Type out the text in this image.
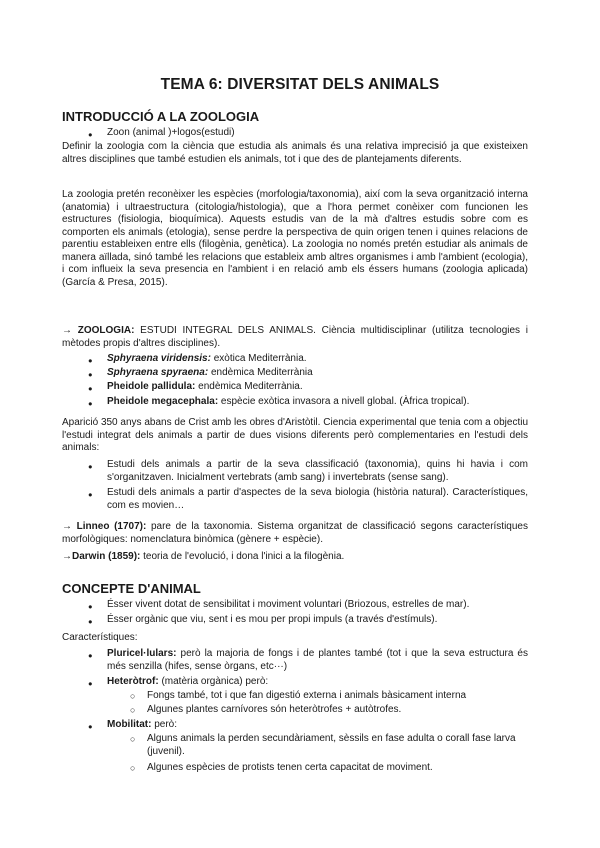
TEMA 6: DIVERSITAT DELS ANIMALS
INTRODUCCIÓ A LA ZOOLOGIA
● Zoon (animal )+logos(estudi)
Definir la zoologia com la ciència que estudia als animals és una relativa imprecisió ja que existeixen altres disciplines que també estudien els animals, tot i que des de plantejaments diferents.
La zoologia pretén reconèixer les espècies (morfologia/taxonomia), així com la seva organització interna (anatomia) i ultraestructura (citologia/histologia), que a l'hora permet conèixer com funcionen les estructures (fisiologia, bioquímica). Aquests estudis van de la mà d'altres estudis sobre com es comporten els animals (etologia), sense perdre la perspectiva de quin origen tenen i quines relacions de parentiu estableixen entre ells (filogènia, genètica). La zoologia no només pretén estudiar als animals de manera aïllada, sinó també les relacions que estableix amb altres organismes i amb l'ambient (ecologia), i com influeix la seva presencia en l'ambient i en relació amb els éssers humans (zoologia aplicada) (García & Presa, 2015).
→ ZOOLOGIA: ESTUDI INTEGRAL DELS ANIMALS. Ciència multidisciplinar (utilitza tecnologies i mètodes propis d'altres disciplines).
● Sphyraena viridensis: exòtica Mediterrània.
● Sphyraena spyraena: endèmica Mediterrània
● Pheidole pallidula: endèmica Mediterrània.
● Pheidole megacephala: espècie exòtica invasora a nivell global. (Àfrica tropical).
Aparició 350 anys abans de Crist amb les obres d'Aristòtil. Ciencia experimental que tenia com a objectiu l'estudi integrat dels animals a partir de dues visions diferents però complementaries en l'estudi dels animals:
● Estudi dels animals a partir de la seva classificació (taxonomia), quins hi havia i com s'organitzaven. Inicialment vertebrats (amb sang) i invertebrats (sense sang).
● Estudi dels animals a partir d'aspectes de la seva biologia (història natural). Característiques, com es movien…
→ Linneo (1707): pare de la taxonomia. Sistema organitzat de classificació segons característiques morfològiques: nomenclatura binòmica (gènere + espècie).
→Darwin (1859): teoria de l'evolució, i dona l'inici a la filogènia.
CONCEPTE D'ANIMAL
● Ésser vivent dotat de sensibilitat i moviment voluntari (Briozous, estrelles de mar).
● Ésser orgànic que viu, sent i es mou per propi impuls (a través d'estímuls).
Característiques:
● Pluricel·lulars: però la majoria de fongs i de plantes també (tot i que la seva estructura és més senzilla (hifes, sense òrgans, etc···)
● Heteròtrof: (matèria orgànica) però:
○ Fongs també, tot i que fan digestió externa i animals bàsicament interna
○ Algunes plantes carnívores són heteròtrofes + autòtrofes.
● Mobilitat: però:
○ Alguns animals la perden secundàriament, sèssils en fase adulta o corall fase larva (juvenil).
○ Algunes espècies de protists tenen certa capacitat de moviment.
